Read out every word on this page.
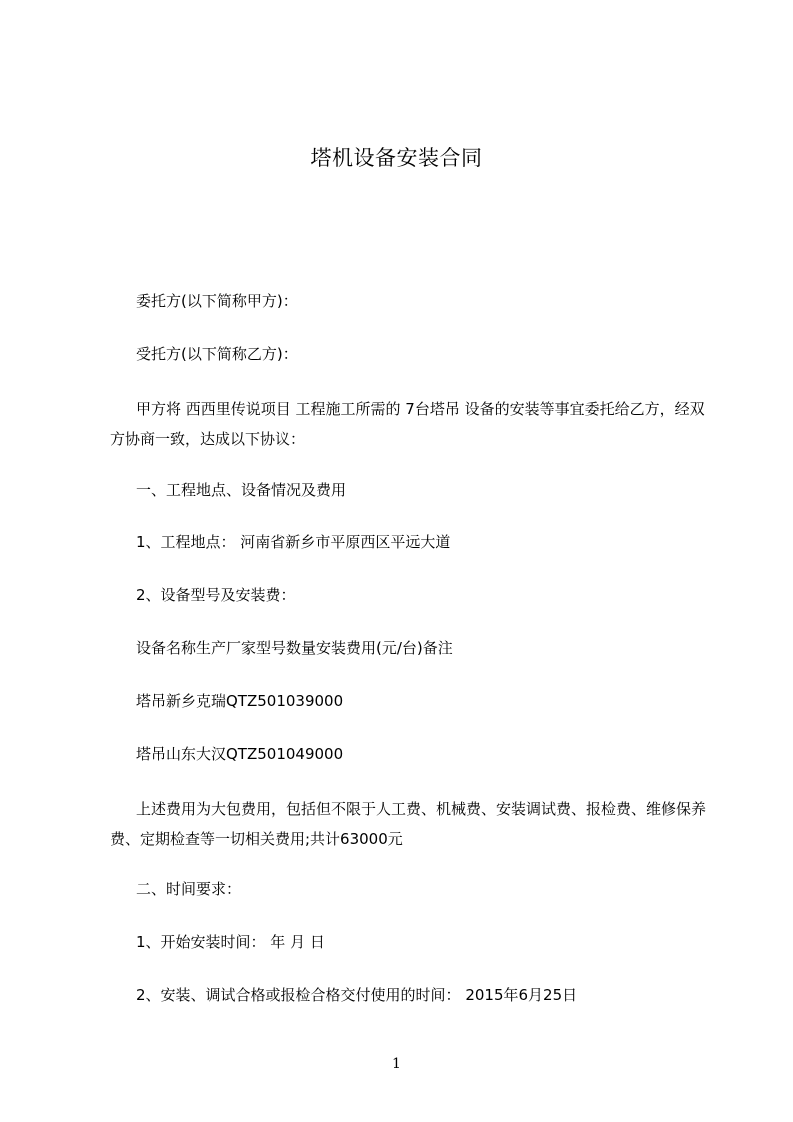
塔机设备安装合同
委托方(以下简称甲方)：
受托方(以下简称乙方)：
甲方将 西西里传说项目 工程施工所需的 7台塔吊 设备的安装等事宜委托给乙方，经双方协商一致，达成以下协议：
一、工程地点、设备情况及费用
1、工程地点： 河南省新乡市平原西区平远大道
2、设备型号及安装费：
设备名称生产厂家型号数量安装费用(元/台)备注
塔吊新乡克瑞QTZ501039000
塔吊山东大汉QTZ501049000
上述费用为大包费用，包括但不限于人工费、机械费、安装调试费、报检费、维修保养费、定期检查等一切相关费用;共计63000元
二、时间要求：
1、开始安装时间： 年 月 日
2、安装、调试合格或报检合格交付使用的时间： 2015年6月25日
1
